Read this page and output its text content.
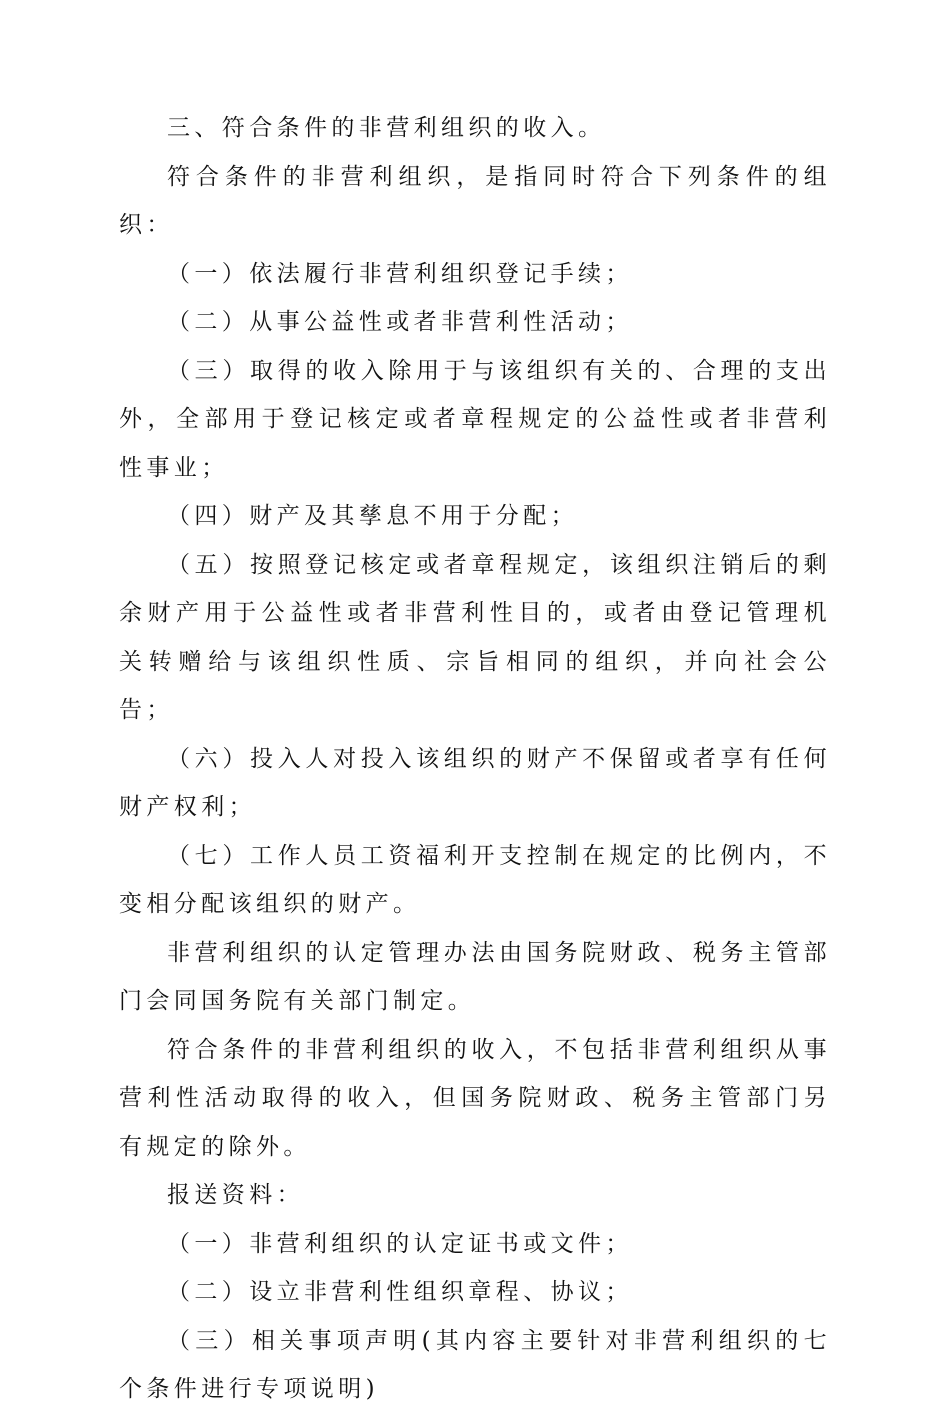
三、符合条件的非营利组织的收入。

符合条件的非营利组织，是指同时符合下列条件的组织：

（一）依法履行非营利组织登记手续；

（二）从事公益性或者非营利性活动；

（三）取得的收入除用于与该组织有关的、合理的支出外，全部用于登记核定或者章程规定的公益性或者非营利性事业；

（四）财产及其孳息不用于分配；

（五）按照登记核定或者章程规定，该组织注销后的剩余财产用于公益性或者非营利性目的，或者由登记管理机关转赠给与该组织性质、宗旨相同的组织，并向社会公告；

（六）投入人对投入该组织的财产不保留或者享有任何财产权利；

（七）工作人员工资福利开支控制在规定的比例内，不变相分配该组织的财产。

非营利组织的认定管理办法由国务院财政、税务主管部门会同国务院有关部门制定。

符合条件的非营利组织的收入，不包括非营利组织从事营利性活动取得的收入，但国务院财政、税务主管部门另有规定的除外。

报送资料：

（一）非营利组织的认定证书或文件；

（二）设立非营利性组织章程、协议；

（三）相关事项声明(其内容主要针对非营利组织的七个条件进行专项说明)
